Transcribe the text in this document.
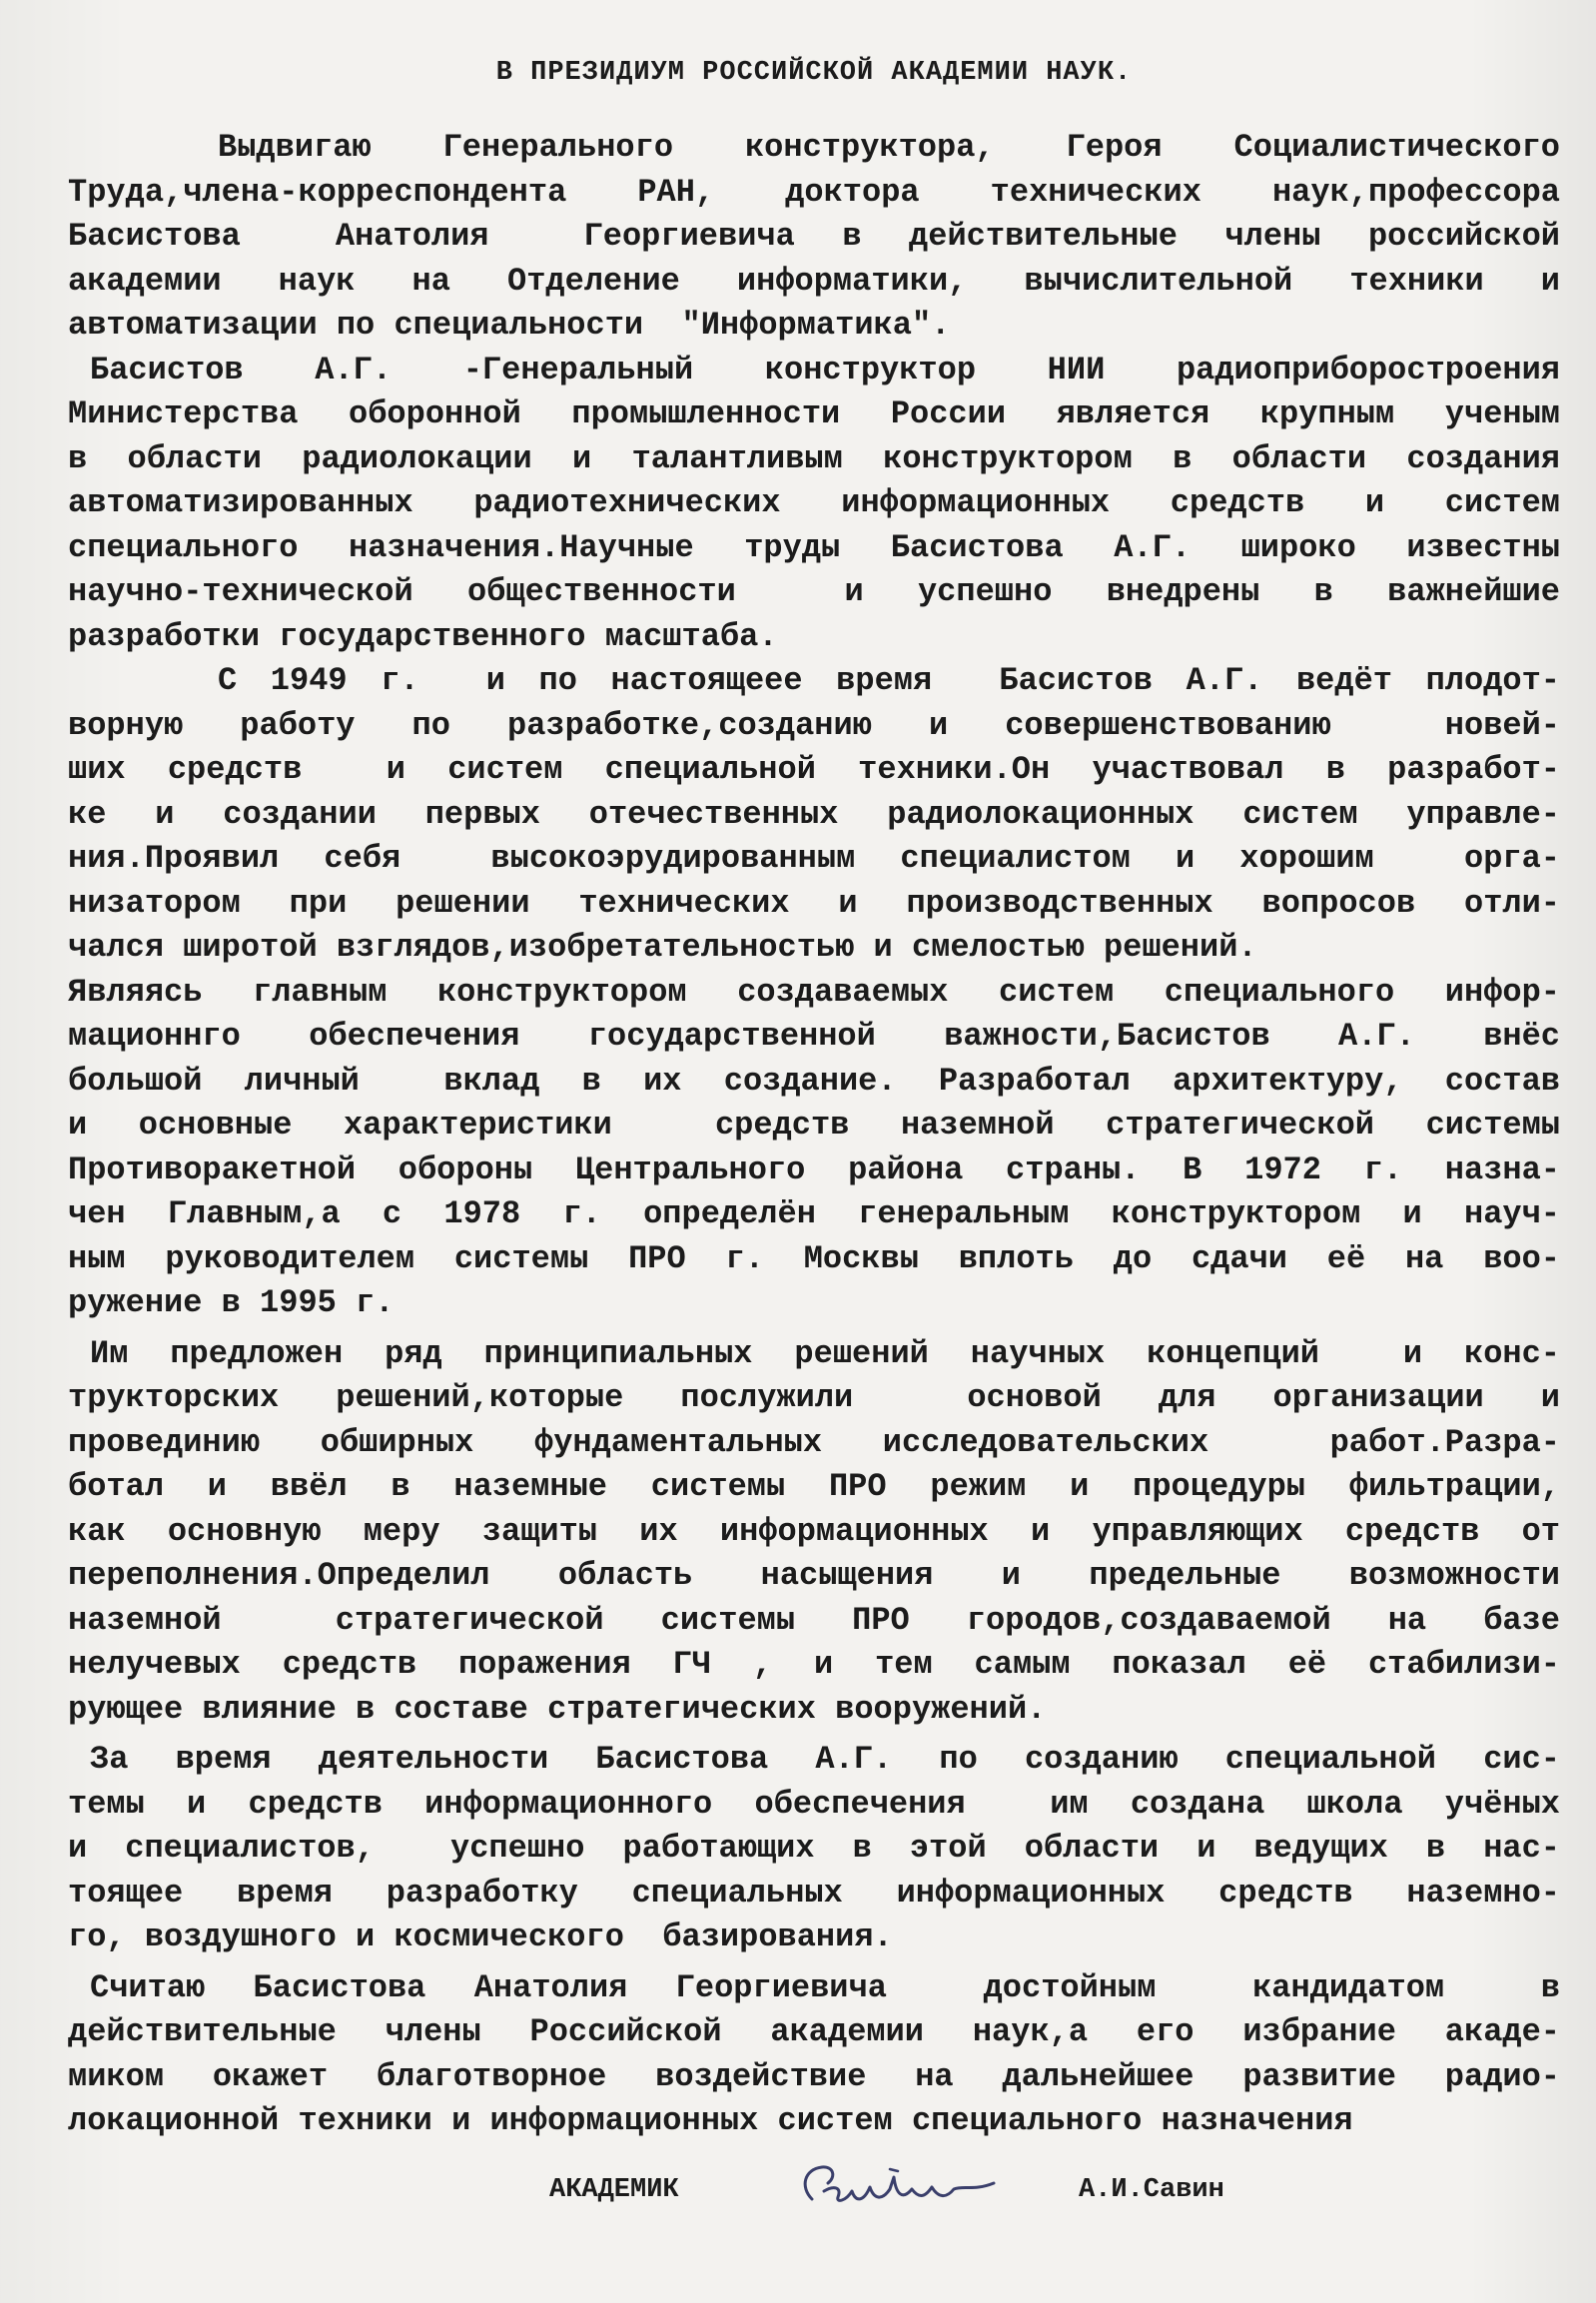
В ПРЕЗИДИУМ РОССИЙСКОЙ АКАДЕМИИ НАУК.
Выдвигаю Генерального конструктора, Героя Социалистического
Труда,члена-корреспондента РАН, доктора технических наук,профессора
Басистова  Анатолия  Георгиевича в действительные члены российской
академии наук на Отделение информатики, вычислительной техники и
автоматизации по специальности  "Информатика".
Басистов А.Г. -Генеральный конструктор НИИ радиоприборостроения
Министерства оборонной промышленности России является крупным ученым
в области радиолокации и талантливым конструктором в области создания
автоматизированных радиотехнических информационных средств и систем
специального назначения.Научные труды Басистова А.Г. широко известны
научно-технической общественности  и успешно внедрены в важнейшие
разработки государственного масштаба.
С 1949 г.  и по настоящеее время  Басистов А.Г. ведёт плодот-
ворную работу по разработке,созданию и совершенствованию  новей-
ших средств  и систем специальной техники.Он участвовал в разработ-
ке и создании первых отечественных радиолокационных систем управле-
ния.Проявил себя  высокоэрудированным специалистом и хорошим  орга-
низатором при решении технических и производственных вопросов отли-
чался широтой взглядов,изобретательностью и смелостью решений.
Являясь главным конструктором создаваемых систем специального инфор-
мационнго обеспечения государственной важности,Басистов А.Г. внёс
большой личный  вклад в их создание. Разработал архитектуру, состав
и основные характеристики  средств наземной стратегической системы
Противоракетной обороны Центрального района страны. В 1972 г. назна-
чен Главным,а с 1978 г. определён генеральным конструктором и науч-
ным руководителем системы ПРО г. Москвы вплоть до сдачи её на воо-
ружение в 1995 г.
Им предложен ряд принципиальных решений научных концепций  и конс-
трукторских решений,которые послужили  основой для организации и
провединию обширных фундаментальных исследовательских  работ.Разра-
ботал и ввёл в наземные системы ПРО режим и процедуры фильтрации,
как основную меру защиты их информационных и управляющих средств от
переполнения.Определил область насыщения и предельные возможности
наземной  стратегической системы ПРО городов,создаваемой на базе
нелучевых средств поражения ГЧ , и тем самым показал её стабилизи-
рующее влияние в составе стратегических вооружений.
За время деятельности Басистова А.Г. по созданию специальной сис-
темы и средств информационного обеспечения  им создана школа учёных
и специалистов,  успешно работающих в этой области и ведущих в нас-
тоящее время разработку специальных информационных средств наземно-
го, воздушного и космического  базирования.
Считаю Басистова Анатолия Георгиевича  достойным  кандидатом  в
действительные члены Российской академии наук,а его избрание акаде-
миком окажет благотворное воздействие на дальнейшее развитие радио-
локационной техники и информационных систем специального назначения
АКАДЕМИК	А.И.Савин
